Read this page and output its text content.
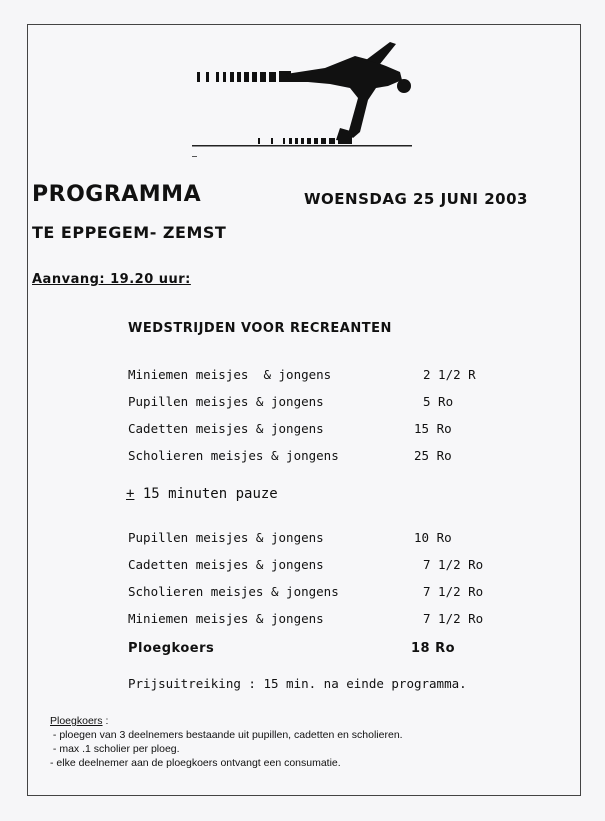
PROGRAMMA	WOENSDAG 25 JUNI 2003
TE EPPEGEM- ZEMST
Aanvang: 19.20 uur:
WEDSTRIJDEN VOOR RECREANTEN
Miniemen meisjes  & jongens	2 1/2 R
Pupillen meisjes & jongens	5 Ro
Cadetten meisjes & jongens	15 Ro
Scholieren meisjes & jongens	25 Ro
+ 15 minuten pauze
Pupillen meisjes & jongens	10 Ro
Cadetten meisjes & jongens	7 1/2 Ro
Scholieren meisjes & jongens	7 1/2 Ro
Miniemen meisjes & jongens	7 1/2 Ro
Ploegkoers	18 Ro
Prijsuitreiking : 15 min. na einde programma.
Ploegkoers :
- ploegen van 3 deelnemers bestaande uit pupillen, cadetten en scholieren.
- max .1 scholier per ploeg.
- elke deelnemer aan de ploegkoers ontvangt een consumatie.
